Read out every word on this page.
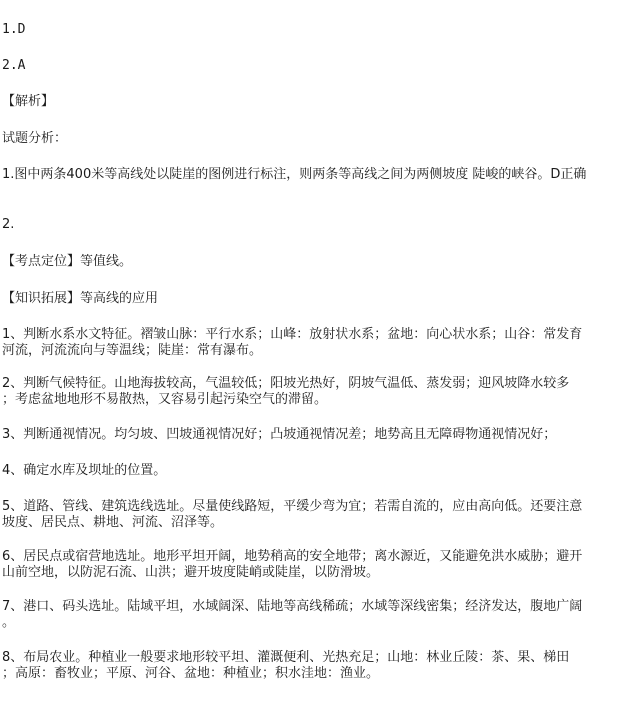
1.D
2.A
【解析】
试题分析：
1.图中两条400米等高线处以陡崖的图例进行标注，则两条等高线之间为两侧坡度 陡峻的峡谷。D正确
2.
【考点定位】等值线。
【知识拓展】等高线的应用
1、判断水系水文特征。褶皱山脉：平行水系；山峰：放射状水系；盆地：向心状水系；山谷：常发育
河流，河流流向与等温线；陡崖：常有瀑布。
2、判断气候特征。山地海拔较高，气温较低；阳坡光热好，阴坡气温低、蒸发弱；迎风坡降水较多
；考虑盆地地形不易散热，又容易引起污染空气的滞留。
3、判断通视情况。均匀坡、凹坡通视情况好；凸坡通视情况差；地势高且无障碍物通视情况好；
4、确定水库及坝址的位置。
5、道路、管线、建筑选线选址。尽量使线路短，平缓少弯为宜；若需自流的，应由高向低。还要注意
坡度、居民点、耕地、河流、沼泽等。
6、居民点或宿营地选址。地形平坦开阔，地势稍高的安全地带；离水源近，又能避免洪水威胁；避开
山前空地，以防泥石流、山洪；避开坡度陡峭或陡崖，以防滑坡。
7、港口、码头选址。陆域平坦，水域阔深、陆地等高线稀疏；水域等深线密集；经济发达，腹地广阔
。
8、布局农业。种植业一般要求地形较平坦、灌溉便利、光热充足；山地：林业丘陵：茶、果、梯田
；高原：畜牧业；平原、河谷、盆地：种植业；积水洼地：渔业。
